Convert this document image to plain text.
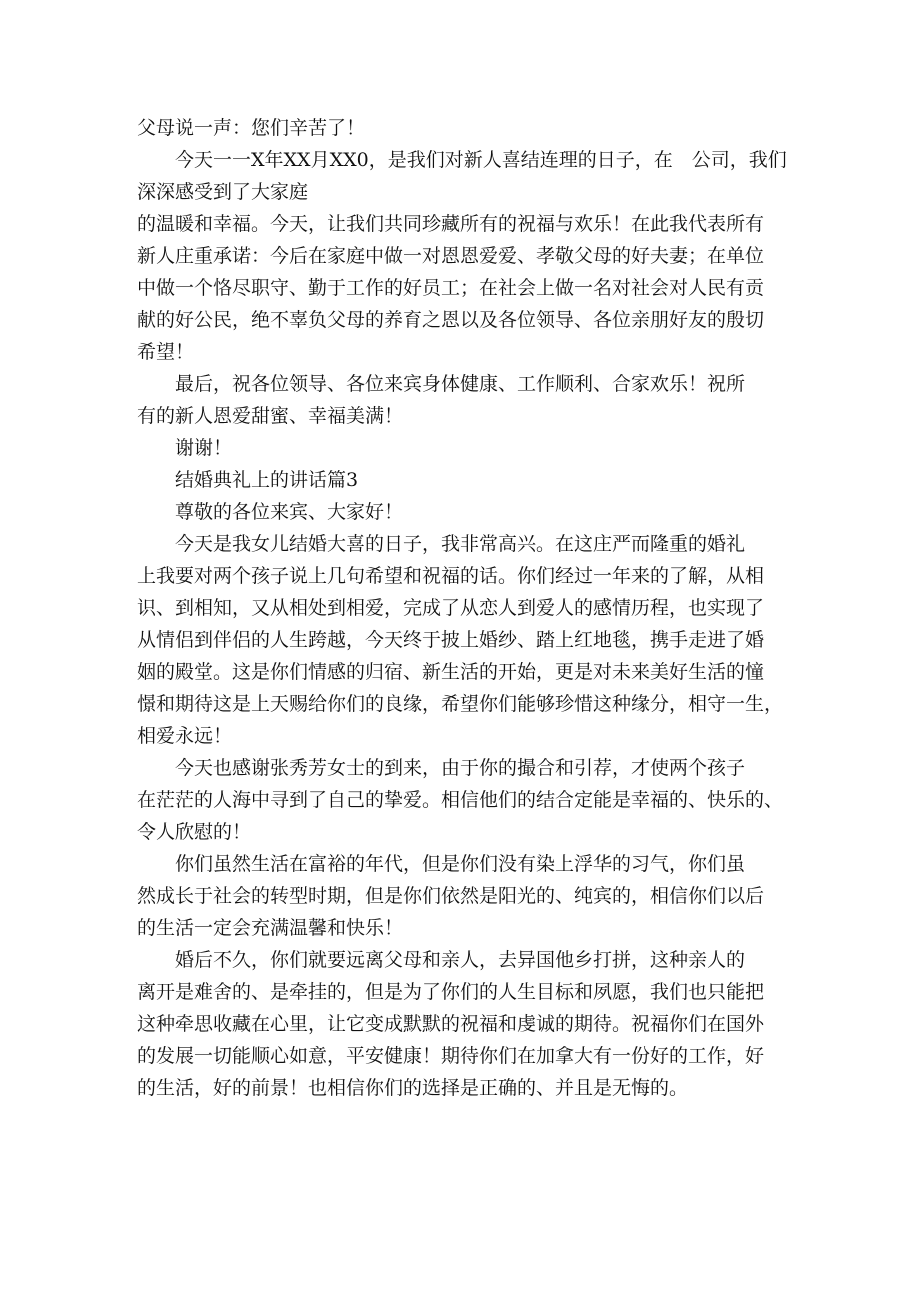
父母说一声：您们辛苦了！
今天一一X年XX月XX0，是我们对新人喜结连理的日子，在　公司，我们
深深感受到了大家庭
的温暖和幸福。今天，让我们共同珍藏所有的祝福与欢乐！在此我代表所有
新人庄重承诺：今后在家庭中做一对恩恩爱爱、孝敬父母的好夫妻；在单位
中做一个恪尽职守、勤于工作的好员工；在社会上做一名对社会对人民有贡
献的好公民，绝不辜负父母的养育之恩以及各位领导、各位亲朋好友的殷切
希望！
最后，祝各位领导、各位来宾身体健康、工作顺利、合家欢乐！祝所
有的新人恩爱甜蜜、幸福美满！
谢谢！
结婚典礼上的讲话篇3
尊敬的各位来宾、大家好！
今天是我女儿结婚大喜的日子，我非常高兴。在这庄严而隆重的婚礼
上我要对两个孩子说上几句希望和祝福的话。你们经过一年来的了解，从相
识、到相知，又从相处到相爱，完成了从恋人到爱人的感情历程，也实现了
从情侣到伴侣的人生跨越，今天终于披上婚纱、踏上红地毯，携手走进了婚
姻的殿堂。这是你们情感的归宿、新生活的开始，更是对未来美好生活的憧
憬和期待这是上天赐给你们的良缘，希望你们能够珍惜这种缘分，相守一生，
相爱永远！
今天也感谢张秀芳女士的到来，由于你的撮合和引荐，才使两个孩子
在茫茫的人海中寻到了自己的挚爱。相信他们的结合定能是幸福的、快乐的、
令人欣慰的！
你们虽然生活在富裕的年代，但是你们没有染上浮华的习气，你们虽
然成长于社会的转型时期，但是你们依然是阳光的、纯宾的，相信你们以后
的生活一定会充满温馨和快乐！
婚后不久，你们就要远离父母和亲人，去异国他乡打拼，这种亲人的
离开是难舍的、是牵挂的，但是为了你们的人生目标和夙愿，我们也只能把
这种牵思收藏在心里，让它变成默默的祝福和虔诚的期待。祝福你们在国外
的发展一切能顺心如意，平安健康！期待你们在加拿大有一份好的工作，好
的生活，好的前景！也相信你们的选择是正确的、并且是无悔的。
